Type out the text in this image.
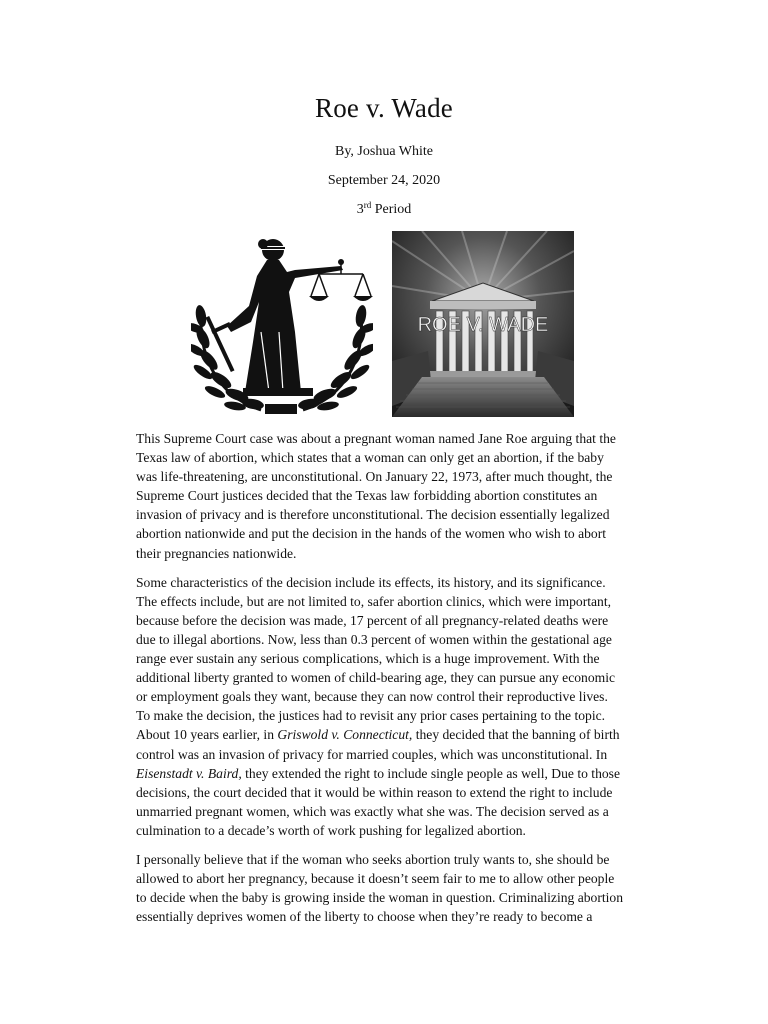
Roe v. Wade
By, Joshua White
September 24, 2020
3rd Period
ROE V. WADE

This Supreme Court case was about a pregnant woman named Jane Roe arguing that the
Texas law of abortion, which states that a woman can only get an abortion, if the baby
was life-threatening, are unconstitutional. On January 22, 1973, after much thought, the
Supreme Court justices decided that the Texas law forbidding abortion constitutes an
invasion of privacy and is therefore unconstitutional. The decision essentially legalized
abortion nationwide and put the decision in the hands of the women who wish to abort
their pregnancies nationwide.

Some characteristics of the decision include its effects, its history, and its significance.
The effects include, but are not limited to, safer abortion clinics, which were important,
because before the decision was made, 17 percent of all pregnancy-related deaths were
due to illegal abortions. Now, less than 0.3 percent of women within the gestational age
range ever sustain any serious complications, which is a huge improvement. With the
additional liberty granted to women of child-bearing age, they can pursue any economic
or employment goals they want, because they can now control their reproductive lives.
To make the decision, the justices had to revisit any prior cases pertaining to the topic.
About 10 years earlier, in Griswold v. Connecticut, they decided that the banning of birth
control was an invasion of privacy for married couples, which was unconstitutional. In
Eisenstadt v. Baird, they extended the right to include single people as well, Due to those
decisions, the court decided that it would be within reason to extend the right to include
unmarried pregnant women, which was exactly what she was. The decision served as a
culmination to a decade’s worth of work pushing for legalized abortion.

I personally believe that if the woman who seeks abortion truly wants to, she should be
allowed to abort her pregnancy, because it doesn’t seem fair to me to allow other people
to decide when the baby is growing inside the woman in question. Criminalizing abortion
essentially deprives women of the liberty to choose when they’re ready to become a
